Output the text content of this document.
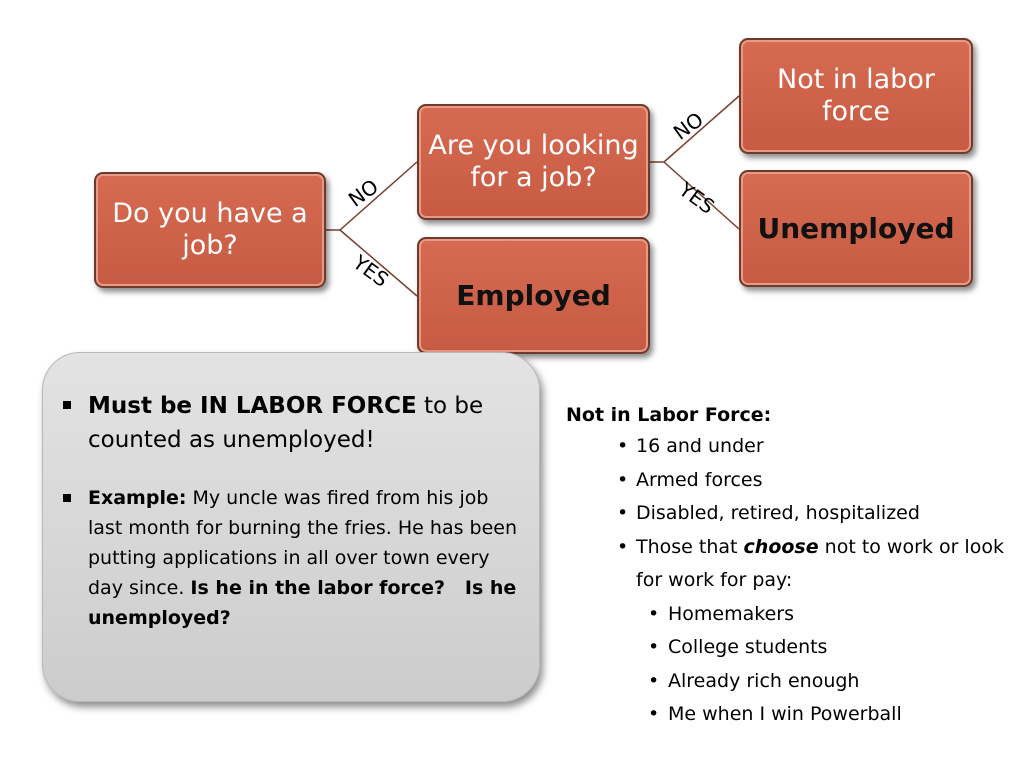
Do you have a job?
Are you looking for a job?
Employed
Not in labor force
Unemployed
NO
YES
NO
YES
Must be IN LABOR FORCE to be counted as unemployed!
Example: My uncle was fired from his job last month for burning the fries. He has been putting applications in all over town every day since. Is he in the labor force? Is he unemployed?
Not in Labor Force:
• 16 and under
• Armed forces
• Disabled, retired, hospitalized
• Those that choose not to work or look for work for pay:
• Homemakers
• College students
• Already rich enough
• Me when I win Powerball
